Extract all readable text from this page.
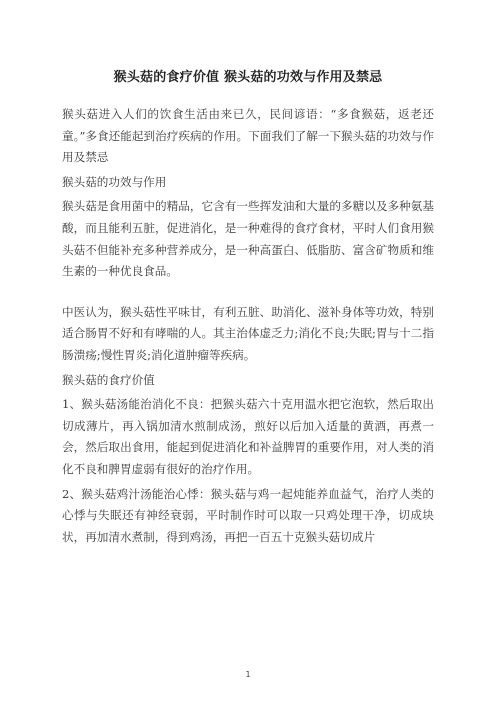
猴头菇的食疗价值 猴头菇的功效与作用及禁忌

猴头菇进入人们的饮食生活由来已久，民间谚语：“多食猴菇，返老还童。”多食还能起到治疗疾病的作用。下面我们了解一下猴头菇的功效与作用及禁忌

猴头菇的功效与作用

猴头菇是食用菌中的精品，它含有一些挥发油和大量的多糖以及多种氨基酸，而且能利五脏，促进消化，是一种难得的食疗食材，平时人们食用猴头菇不但能补充多种营养成分，是一种高蛋白、低脂肪、富含矿物质和维生素的一种优良食品。

中医认为，猴头菇性平味甘，有利五脏、助消化、滋补身体等功效，特别适合肠胃不好和有哮喘的人。其主治体虚乏力;消化不良;失眠;胃与十二指肠溃疡;慢性胃炎;消化道肿瘤等疾病。

猴头菇的食疗价值

1、猴头菇汤能治消化不良：把猴头菇六十克用温水把它泡软，然后取出切成薄片，再入锅加清水煎制成汤，煎好以后加入适量的黄酒，再煮一会，然后取出食用，能起到促进消化和补益脾胃的重要作用，对人类的消化不良和脾胃虚弱有很好的治疗作用。

2、猴头菇鸡汁汤能治心悸：猴头菇与鸡一起炖能养血益气，治疗人类的心悸与失眠还有神经衰弱，平时制作时可以取一只鸡处理干净，切成块状，再加清水煮制，得到鸡汤，再把一百五十克猴头菇切成片

1
